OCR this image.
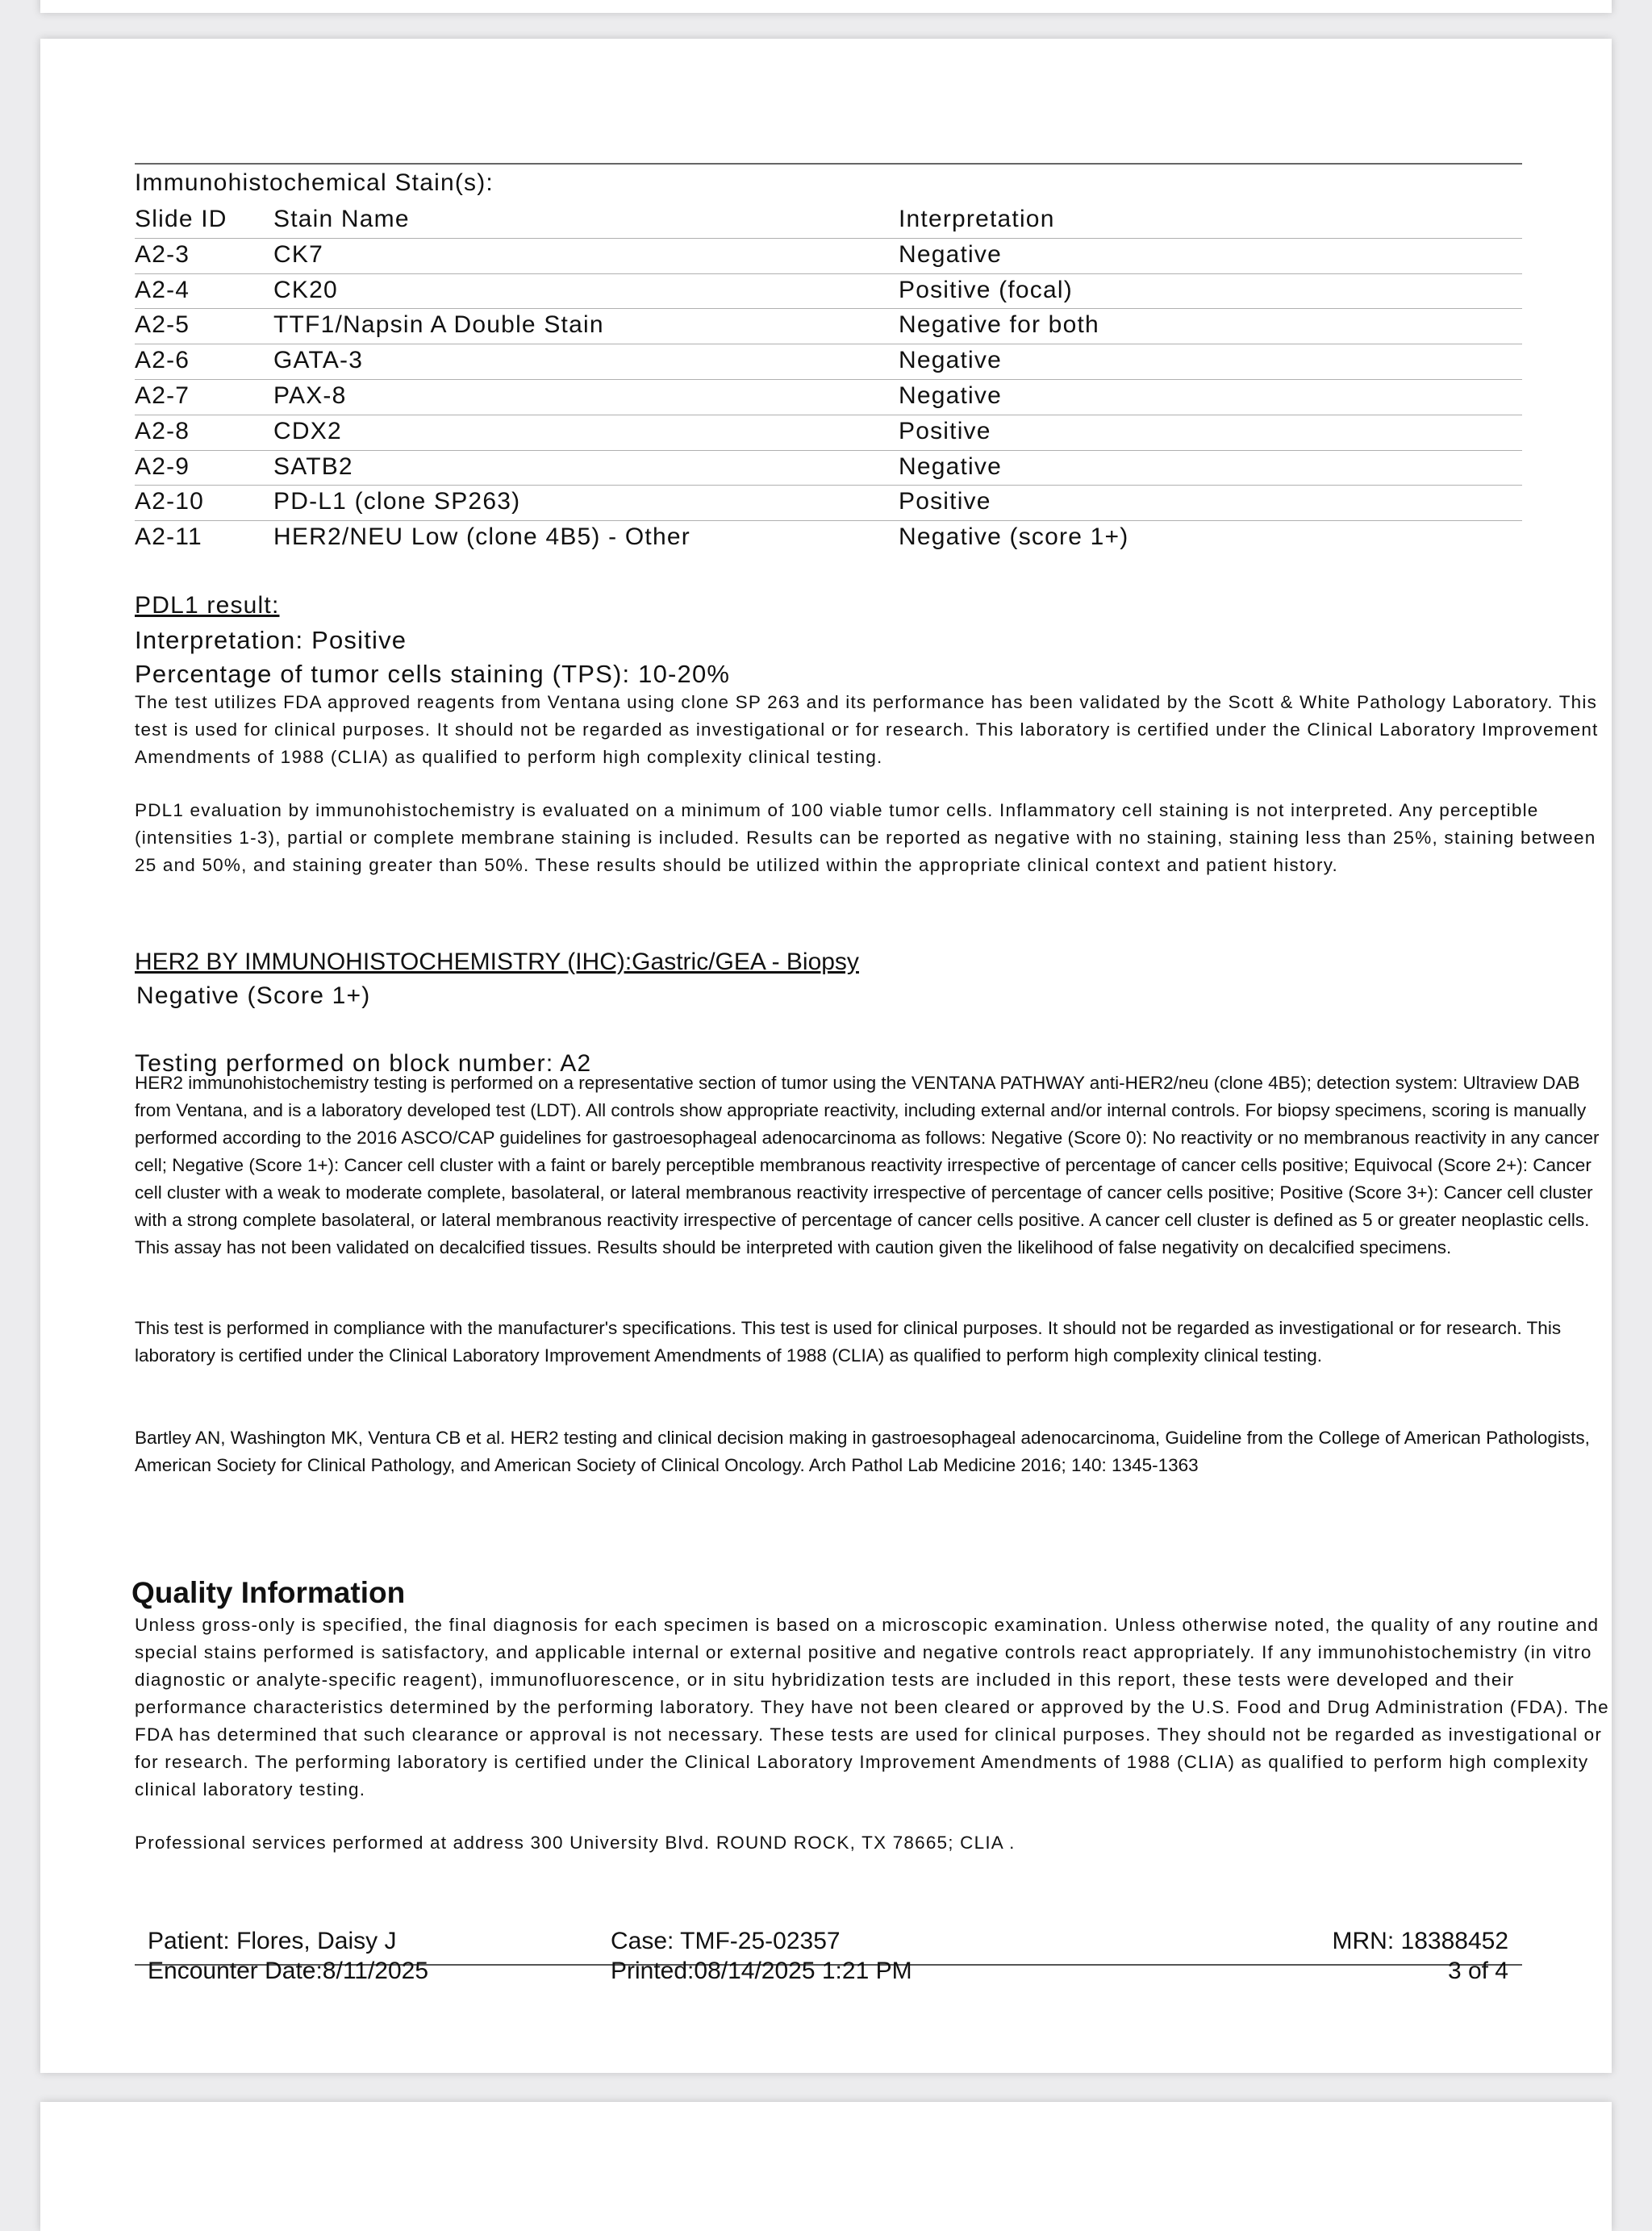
Immunohistochemical Stain(s):
Slide ID Stain Name	Interpretation
A2-3	CK7	Negative
A2-4	CK20	Positive (focal)
A2-5	TTF1/Napsin A Double Stain	Negative for both
A2-6	GATA-3	Negative
A2-7	PAX-8	Negative
A2-8	CDX2	Positive
A2-9	SATB2	Negative
A2-10	PD-L1 (clone SP263)	Positive
A2-11	HER2/NEU Low (clone 4B5) - Other	Negative (score 1+)
PDL1 result:
Interpretation: Positive
Percentage of tumor cells staining (TPS): 10-20%

The test utilizes FDA approved reagents from Ventana using clone SP 263 and its performance has been validated by the Scott & White Pathology Laboratory. This test is used for clinical purposes. It should not be regarded as investigational or for research. This laboratory is certified under the Clinical Laboratory Improvement Amendments of 1988 (CLIA) as qualified to perform high complexity clinical testing.

PDL1 evaluation by immunohistochemistry is evaluated on a minimum of 100 viable tumor cells. Inflammatory cell staining is not interpreted. Any perceptible (intensities 1-3), partial or complete membrane staining is included. Results can be reported as negative with no staining, staining less than 25%, staining between 25 and 50%, and staining greater than 50%. These results should be utilized within the appropriate clinical context and patient history.

HER2 BY IMMUNOHISTOCHEMISTRY (IHC):Gastric/GEA - Biopsy
Negative (Score 1+)
Testing performed on block number: A2

HER2 immunohistochemistry testing is performed on a representative section of tumor using the VENTANA PATHWAY anti-HER2/neu (clone 4B5); detection system: Ultraview DAB from Ventana, and is a laboratory developed test (LDT). All controls show appropriate reactivity, including external and/or internal controls. For biopsy specimens, scoring is manually performed according to the 2016 ASCO/CAP guidelines for gastroesophageal adenocarcinoma as follows: Negative (Score 0): No reactivity or no membranous reactivity in any cancer cell; Negative (Score 1+): Cancer cell cluster with a faint or barely perceptible membranous reactivity irrespective of percentage of cancer cells positive; Equivocal (Score 2+): Cancer cell cluster with a weak to moderate complete, basolateral, or lateral membranous reactivity irrespective of percentage of cancer cells positive; Positive (Score 3+): Cancer cell cluster with a strong complete basolateral, or lateral membranous reactivity irrespective of percentage of cancer cells positive. A cancer cell cluster is defined as 5 or greater neoplastic cells. This assay has not been validated on decalcified tissues. Results should be interpreted with caution given the likelihood of false negativity on decalcified specimens.

This test is performed in compliance with the manufacturer's specifications. This test is used for clinical purposes. It should not be regarded as investigational or for research. This laboratory is certified under the Clinical Laboratory Improvement Amendments of 1988 (CLIA) as qualified to perform high complexity clinical testing.

Bartley AN, Washington MK, Ventura CB et al. HER2 testing and clinical decision making in gastroesophageal adenocarcinoma, Guideline from the College of American Pathologists, American Society for Clinical Pathology, and American Society of Clinical Oncology. Arch Pathol Lab Medicine 2016; 140: 1345-1363

Quality Information

Unless gross-only is specified, the final diagnosis for each specimen is based on a microscopic examination. Unless otherwise noted, the quality of any routine and special stains performed is satisfactory, and applicable internal or external positive and negative controls react appropriately. If any immunohistochemistry (in vitro diagnostic or analyte-specific reagent), immunofluorescence, or in situ hybridization tests are included in this report, these tests were developed and their performance characteristics determined by the performing laboratory. They have not been cleared or approved by the U.S. Food and Drug Administration (FDA). The FDA has determined that such clearance or approval is not necessary. These tests are used for clinical purposes. They should not be regarded as investigational or for research. The performing laboratory is certified under the Clinical Laboratory Improvement Amendments of 1988 (CLIA) as qualified to perform high complexity clinical laboratory testing.

Professional services performed at address 300 University Blvd. ROUND ROCK, TX 78665; CLIA .

Patient: Flores, Daisy J
Encounter Date:8/11/2025
Case: TMF-25-02357
Printed:08/14/2025 1:21 PM
MRN: 18388452
3 of 4
